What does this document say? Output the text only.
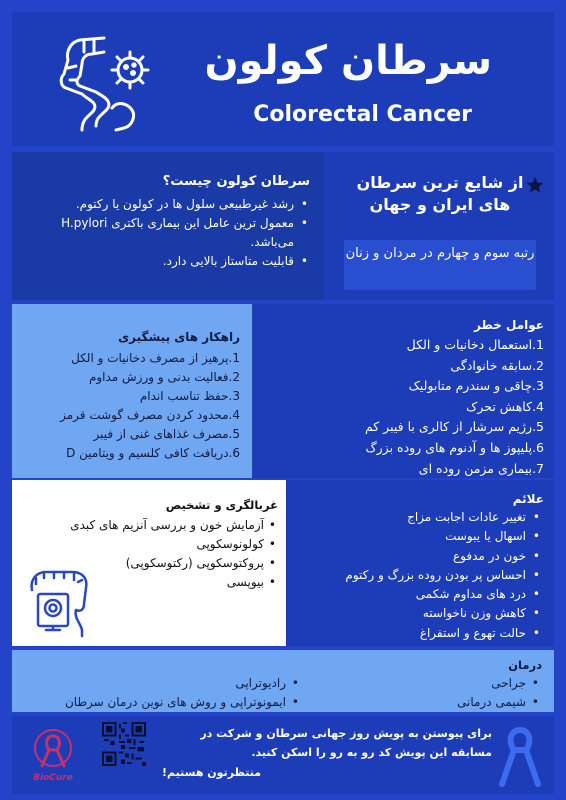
سرطان کولون
Colorectal Cancer
سرطان کولون چیست؟
• رشد غیرطبیعی سلول ها در کولون یا رکتوم.
• معمول ترین عامل این بیماری باکتری H.pylori می‌باشد.
• قابلیت متاستاز بالایی دارد.
از شایع ترین سرطان های ایران و جهان
رتبه سوم و چهارم در مردان و زنان
راهکار های پیشگیری
1.پرهیز از مصرف دخانیات و الکل
2.فعالیت بدنی و ورزش مداوم
3.حفظ تناسب اندام
4.محدود کردن مصرف گوشت قرمز
5.مصرف غذاهای غنی از فیبر
6.دریافت کافی کلسیم و ویتامین D
عوامل خطر
1.استعمال دخانیات و الکل
2.سابقه خانوادگی
3.چاقی و سندرم متابولیک
4.کاهش تحرک
5.رژیم سرشار از کالری با فیبر کم
6.پلیپوز ها و آدنوم های روده بزرگ
7.بیماری مزمن روده ای
غربالگری و تشخیص
• آزمایش خون و بررسی آنزیم های کبدی
• کولونوسکوپی
• پروکتوسکوپی (رکتوسکوپی)
• بیوپسی
علائم
• تغییر عادات اجابت مزاج
• اسهال یا یبوست
• خون در مدفوع
• احساس پر بودن روده بزرگ و رکتوم
• درد های مداوم شکمی
• کاهش وزن ناخواسته
• حالت تهوع و استفراغ
درمان
• جراحی
• شیمی درمانی
• رادیوتراپی
• ایمونوتراپی و روش های نوین درمان سرطان
BioCure
برای پیوستن به پویش روز جهانی سرطان و شرکت در مسابقه این پویش کد رو به رو را اسکن کنید.
منتظرتون هستیم!
